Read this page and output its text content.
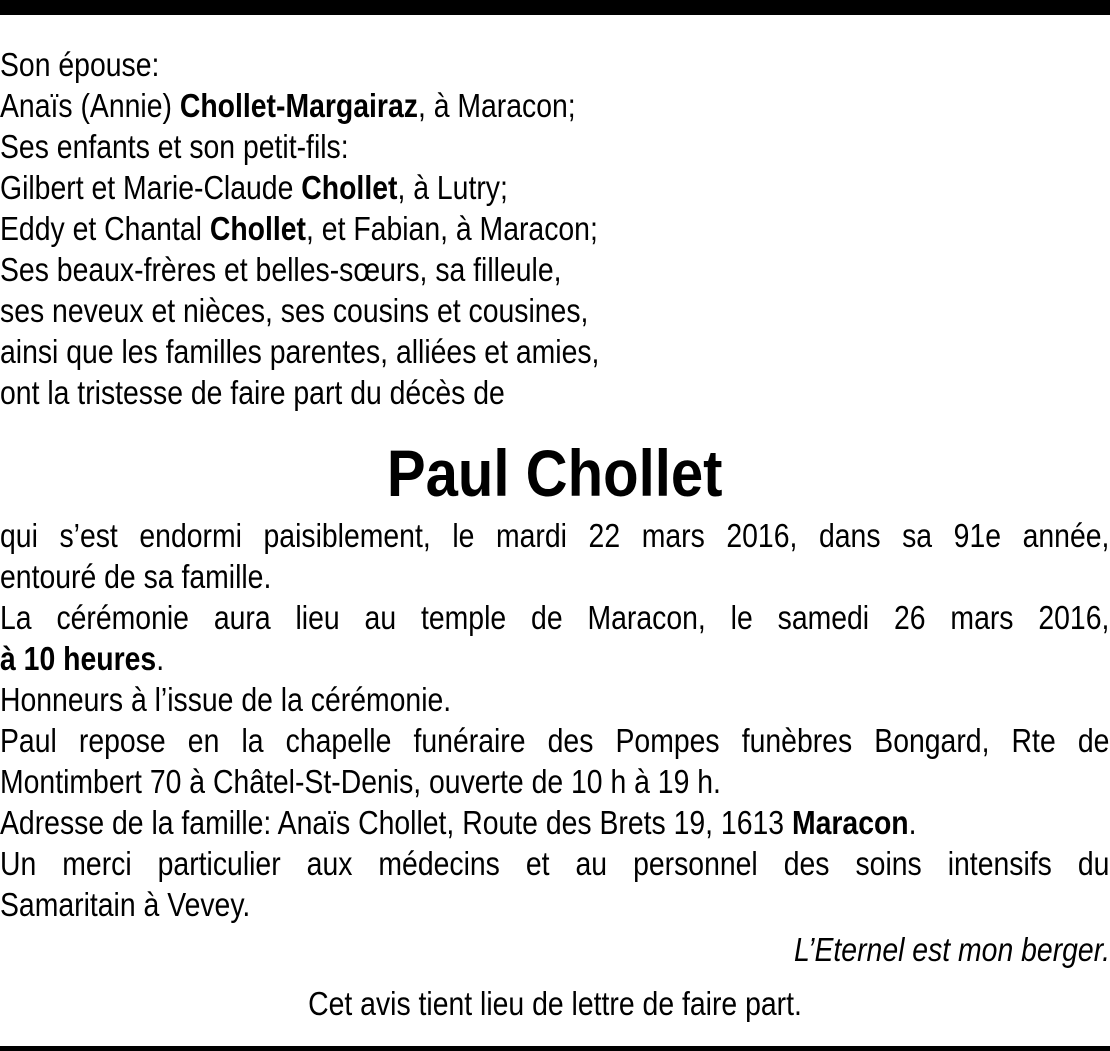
Son épouse:
Anaïs (Annie) Chollet-Margairaz, à Maracon;
Ses enfants et son petit-fils:
Gilbert et Marie-Claude Chollet, à Lutry;
Eddy et Chantal Chollet, et Fabian, à Maracon;
Ses beaux-frères et belles-sœurs, sa filleule,
ses neveux et nièces, ses cousins et cousines,
ainsi que les familles parentes, alliées et amies,
ont la tristesse de faire part du décès de
Paul Chollet
qui s’est endormi paisiblement, le mardi 22 mars 2016, dans sa 91e année,
entouré de sa famille.
La cérémonie aura lieu au temple de Maracon, le samedi 26 mars 2016,
à 10 heures.
Honneurs à l’issue de la cérémonie.
Paul repose en la chapelle funéraire des Pompes funèbres Bongard, Rte de
Montimbert 70 à Châtel-St-Denis, ouverte de 10 h à 19 h.
Adresse de la famille: Anaïs Chollet, Route des Brets 19, 1613 Maracon.
Un merci particulier aux médecins et au personnel des soins intensifs du
Samaritain à Vevey.
L’Eternel est mon berger.
Cet avis tient lieu de lettre de faire part.
